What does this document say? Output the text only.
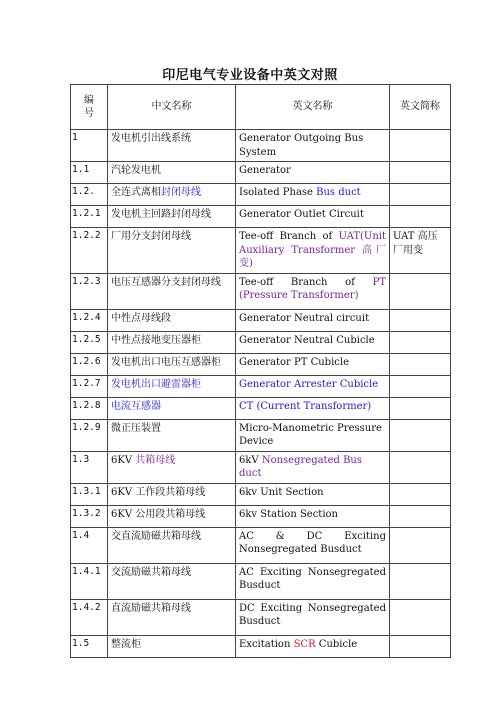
印尼电气专业设备中英文对照
编
号	中文名称	英文名称	英文简称
1	发电机引出线系统	Generator Outgoing Bus System	
1.1	汽轮发电机	Generator	
1.2.	全连式离相封闭母线	Isolated Phase Bus duct	
1.2.1	发电机主回路封闭母线	Generator Outlet Circuit	
1.2.2	厂用分支封闭母线	Tee-off Branch of UAT(Unit Auxiliary Transformer 高厂变)	UAT 高压厂用变
1.2.3	电压互感器分支封闭母线	Tee-off Branch of PT (Pressure Transformer)	
1.2.4	中性点母线段	Generator Neutral circuit	
1.2.5	中性点接地变压器柜	Generator Neutral Cubicle	
1.2.6	发电机出口电压互感器柜	Generator PT Cubicle	
1.2.7	发电机出口避雷器柜	Generator Arrester Cubicle	
1.2.8	电流互感器	CT (Current Transformer)	
1.2.9	微正压装置	Micro-Manometric Pressure Device	
1.3	6KV 共箱母线	6kV Nonsegregated Bus duct	
1.3.1	6KV 工作段共箱母线	6kv Unit Section	
1.3.2	6KV 公用段共箱母线	6kv Station Section	
1.4	交直流励磁共箱母线	AC & DC Exciting Nonsegregated Busduct	
1.4.1	交流励磁共箱母线	AC Exciting Nonsegregated Busduct	
1.4.2	直流励磁共箱母线	DC Exciting Nonsegregated Busduct	
1.5	整流柜	Excitation SCR Cubicle	
